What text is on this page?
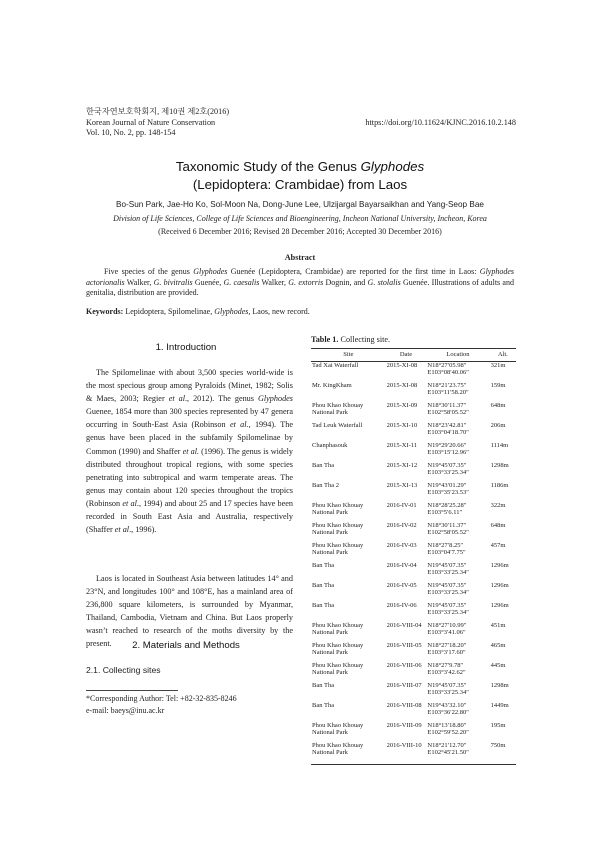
한국자연보호학회지, 제10권 제2호(2016)
Korean Journal of Nature Conservation
Vol. 10, No. 2, pp. 148-154
https://doi.org/10.11624/KJNC.2016.10.2.148
Taxonomic Study of the Genus Glyphodes
(Lepidoptera: Crambidae) from Laos
Bo-Sun Park, Jae-Ho Ko, Sol-Moon Na, Dong-June Lee, Ulzijargal Bayarsaikhan and Yang-Seop Bae
Division of Life Sciences, College of Life Sciences and Bioengineering, Incheon National University, Incheon, Korea
(Received 6 December 2016; Revised 28 December 2016; Accepted 30 December 2016)
Abstract
Five species of the genus Glyphodes Guenée (Lepidoptera, Crambidae) are reported for the first time in Laos: Glyphodes actorionalis Walker, G. bivitralis Guenée, G. caesalis Walker, G. extorris Dognin, and G. stolalis Guenée. Illustrations of adults and genitalia, distribution are provided.
Keywords: Lepidoptera, Spilomelinae, Glyphodes, Laos, new record.
1. Introduction
The Spilomelinae with about 3,500 species world-wide is the most specious group among Pyraloids (Minet, 1982; Solis & Maes, 2003; Regier et al., 2012). The genus Glyphodes Guenee, 1854 more than 300 species represented by 47 genera occurring in South-East Asia (Robinson et al., 1994). The genus have been placed in the subfamily Spilomelinae by Common (1990) and Shaffer et al. (1996). The genus is widely distributed throughout tropical regions, with some species penetrating into subtropical and warm temperate areas. The genus may contain about 120 species throughout the tropics (Robinson et al., 1994) and about 25 and 17 species have been recorded in South East Asia and Australia, respectively (Shaffer et al., 1996).
Laos is located in Southeast Asia between latitudes 14° and 23°N, and longitudes 100° and 108°E, has a mainland area of 236,800 square kilometers, is surrounded by Myanmar, Thailand, Cambodia, Vietnam and China. But Laos properly wasn’t reached to research of the moths diversity by the present.	2. Materials and Methods
2.1. Collecting sites
*Corresponding Author: Tel: +82-32-835-8246
e-mail: baeys@inu.ac.kr
Table 1. Collecting site.
Site	Date	Location	Alt.
Tad Xai Waterfall	2015-XI-08	N18°27′05.98″
E103°08′40.06″	321m
Mr. KingKham	2015-XI-08	N18°21′23.75″
E103°11′58.20″	159m
Phou Khao Khouay National Park	2015-XI-09	N18°30′11.37″
E102°58′05.52″	648m
Tad Leuk Waterfall	2015-XI-10	N18°23′42.81″
E103°04′18.70″	206m
Chanphasouk	2015-XI-11	N19°29′20.66″
E103°15′12.96″	1114m
Ban Tha	2015-XI-12	N19°45′07.35″
E103°33′25.34″	1298m
Ban Tha 2	2015-XI-13	N19°43′01.29″
E103°35′23.53″	1186m
Phou Khao Khouay National Park	2016-IV-01	N18°28′25.28″
E103°5′6.11″	322m
Phou Khao Khouay National Park	2016-IV-02	N18°30′11.37″
E102°58′05.52″	648m
Phou Khao Khouay National Park	2016-IV-03	N18°27′8.25″
E103°04′7.75″	457m
Ban Tha	2016-IV-04	N19°45′07.35″
E103°33′25.34″	1296m
Ban Tha	2016-IV-05	N19°45′07.35″
E103°33′25.34″	1296m
Ban Tha	2016-IV-06	N19°45′07.35″
E103°33′25.34″	1296m
Phou Khao Khouay National Park	2016-VIII-04	N18°27′10.99″
E103°3′41.06″	451m
Phou Khao Khouay National Park	2016-VIII-05	N18°27′18.20″
E103°3′17.60″	465m
Phou Khao Khouay National Park	2016-VIII-06	N18°27′9.78″
E103°3′42.62″	445m
Ban Tha	2016-VIII-07	N19°45′07.35″
E103°33′25.34″	1298m
Ban Tha	2016-VIII-08	N19°43′32.10″
E103°36′22.80″	1449m
Phou Khao Khouay National Park	2016-VIII-09	N18°13′18.80″
E102°59′52.20″	195m
Phou Khao Khouay National Park	2016-VIII-10	N18°21′12.70″
E102°45′21.50″	750m
